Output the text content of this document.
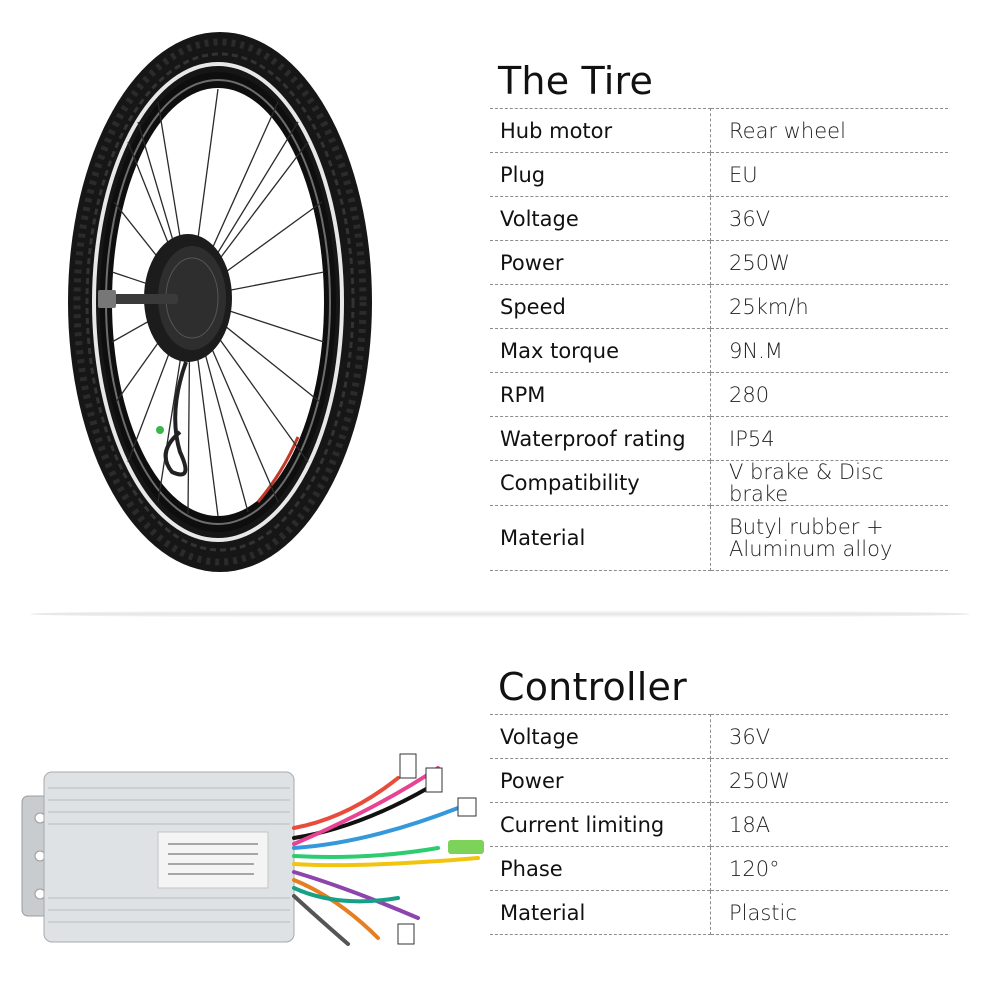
The Tire
Hub motor	Rear wheel
Plug	EU
Voltage	36V
Power	250W
Speed	25km/h
Max torque	9N.M
RPM	280
Waterproof rating	IP54
Compatibility	V brake & Disc brake
Material	Butyl rubber +
Aluminum alloy
Controller
Voltage	36V
Power	250W
Current limiting	18A
Phase	120°
Material	Plastic
